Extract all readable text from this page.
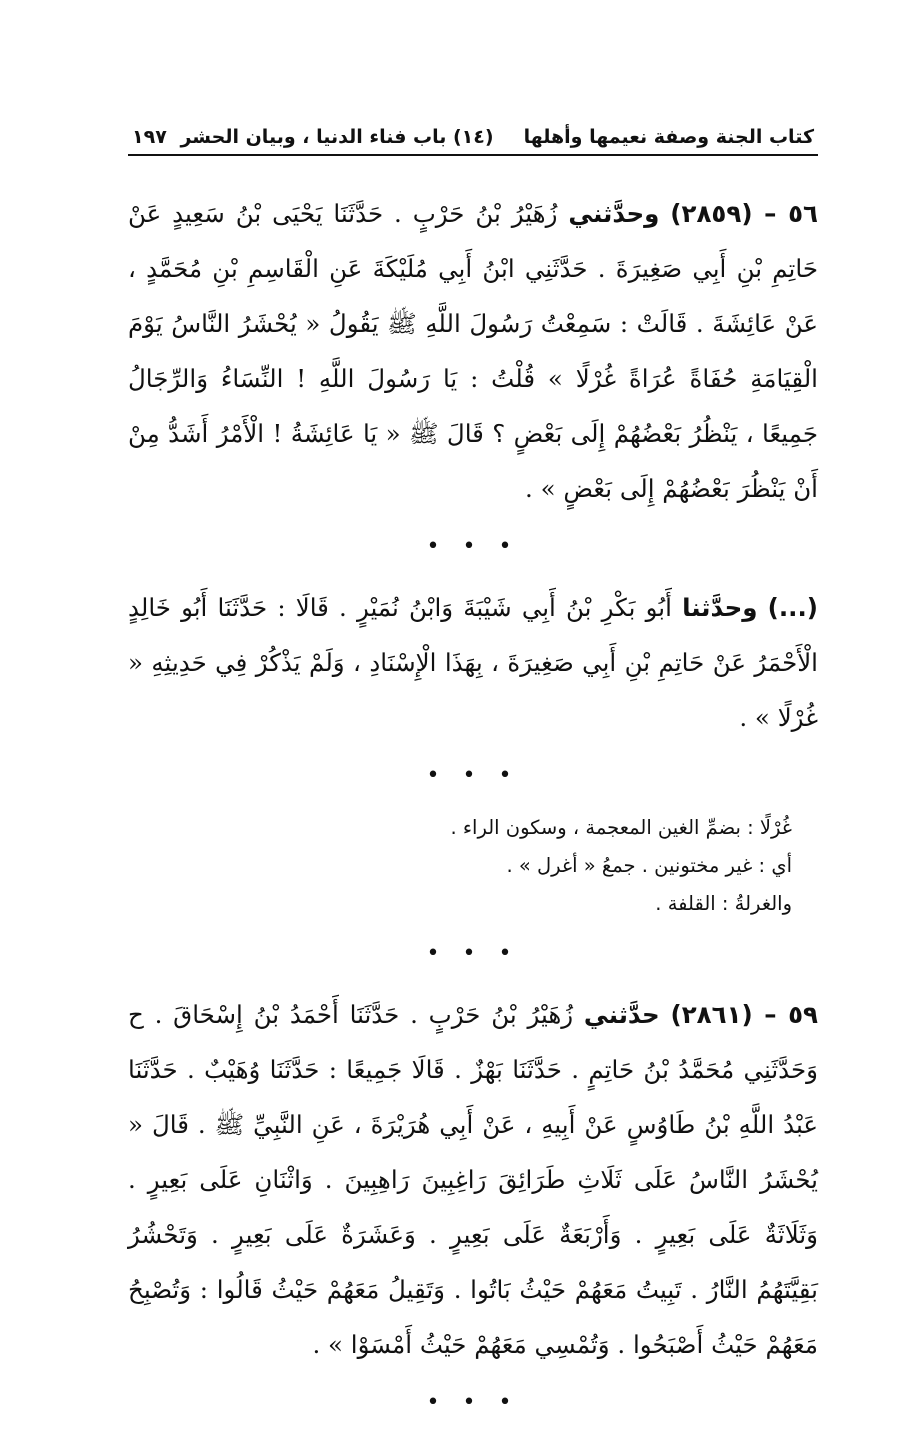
كتاب الجنة وصفة نعيمها وأهلها
(١٤) باب فناء الدنيا ، وبيان الحشر
١٩٧

٥٦ – (٢٨٥٩) وحدَّثني زُهَيْرُ بْنُ حَرْبٍ . حَدَّثَنَا يَحْيَى بْنُ سَعِيدٍ عَنْ حَاتِمِ بْنِ أَبِي صَغِيرَةَ . حَدَّثَنِي ابْنُ أَبِي مُلَيْكَةَ عَنِ الْقَاسِمِ بْنِ مُحَمَّدٍ ، عَنْ عَائِشَةَ . قَالَتْ : سَمِعْتُ رَسُولَ اللَّهِ ﷺ يَقُولُ « يُحْشَرُ النَّاسُ يَوْمَ الْقِيَامَةِ حُفَاةً عُرَاةً غُرْلًا » قُلْتُ : يَا رَسُولَ اللَّهِ ! النِّسَاءُ وَالرِّجَالُ جَمِيعًا ، يَنْظُرُ بَعْضُهُمْ إِلَى بَعْضٍ ؟ قَالَ ﷺ « يَا عَائِشَةُ ! الْأَمْرُ أَشَدُّ مِنْ أَنْ يَنْظُرَ بَعْضُهُمْ إِلَى بَعْضٍ » .

• • •

(...) وحدَّثنا أَبُو بَكْرِ بْنُ أَبِي شَيْبَةَ وَابْنُ نُمَيْرٍ . قَالَا : حَدَّثَنَا أَبُو خَالِدٍ الْأَحْمَرُ عَنْ حَاتِمِ بْنِ أَبِي صَغِيرَةَ ، بِهَذَا الْإِسْنَادِ ، وَلَمْ يَذْكُرْ فِي حَدِيثِهِ « غُرْلًا » .

• • •
غُرْلًا : بضمِّ الغين المعجمة ، وسكون الراء .
أي : غير مختونين . جمعُ « أغرل » .
والغرلةُ : القلفة .
• • •

٥٩ – (٢٨٦١) حدَّثني زُهَيْرُ بْنُ حَرْبٍ . حَدَّثَنَا أَحْمَدُ بْنُ إِسْحَاقَ . ح وَحَدَّثَنِي مُحَمَّدُ بْنُ حَاتِمٍ . حَدَّثَنَا بَهْزٌ . قَالَا جَمِيعًا : حَدَّثَنَا وُهَيْبٌ . حَدَّثَنَا عَبْدُ اللَّهِ بْنُ طَاوُسٍ عَنْ أَبِيهِ ، عَنْ أَبِي هُرَيْرَةَ ، عَنِ النَّبِيِّ ﷺ . قَالَ « يُحْشَرُ النَّاسُ عَلَى ثَلَاثِ طَرَائِقَ رَاغِبِينَ رَاهِبِينَ . وَاثْنَانِ عَلَى بَعِيرٍ . وَثَلَاثَةٌ عَلَى بَعِيرٍ . وَأَرْبَعَةٌ عَلَى بَعِيرٍ . وَعَشَرَةٌ عَلَى بَعِيرٍ . وَتَحْشُرُ بَقِيَّتَهُمُ النَّارُ . تَبِيتُ مَعَهُمْ حَيْثُ بَاتُوا . وَتَقِيلُ مَعَهُمْ حَيْثُ قَالُوا : وَتُصْبِحُ مَعَهُمْ حَيْثُ أَصْبَحُوا . وَتُمْسِي مَعَهُمْ حَيْثُ أَمْسَوْا » .

• • •
